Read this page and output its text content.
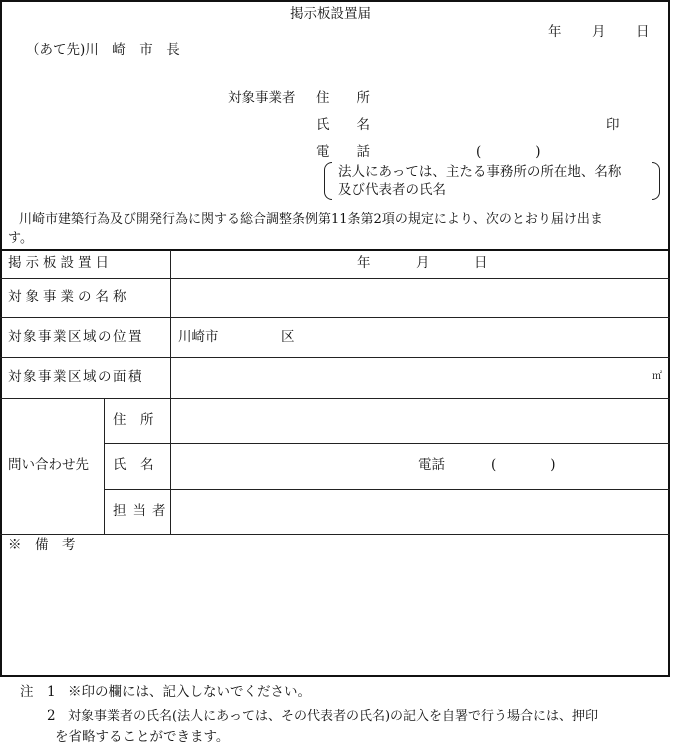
掲示板設置届
年 月 日
（あて先)川　崎　市　長
対象事業者 住　　所
氏　　名	印
電　　話	(　　　　)
法人にあっては、主たる事務所の所在地、名称
及び代表者の氏名
　川崎市建築行為及び開発行為に関する総合調整条例第11条第2項の規定により、次のとおり届け出ま
す。
掲示板設置日	年	月	日
対象事業の名称
対象事業区域の位置	川崎市	区
対象事業区域の面積	㎡
問い合わせ先
住　所
氏　名	電話	(　　　　)
担当者
※　備　考
注 1 ※印の欄には、記入しないでください。
2 対象事業者の氏名(法人にあっては、その代表者の氏名)の記入を自署で行う場合には、押印
を省略することができます。
